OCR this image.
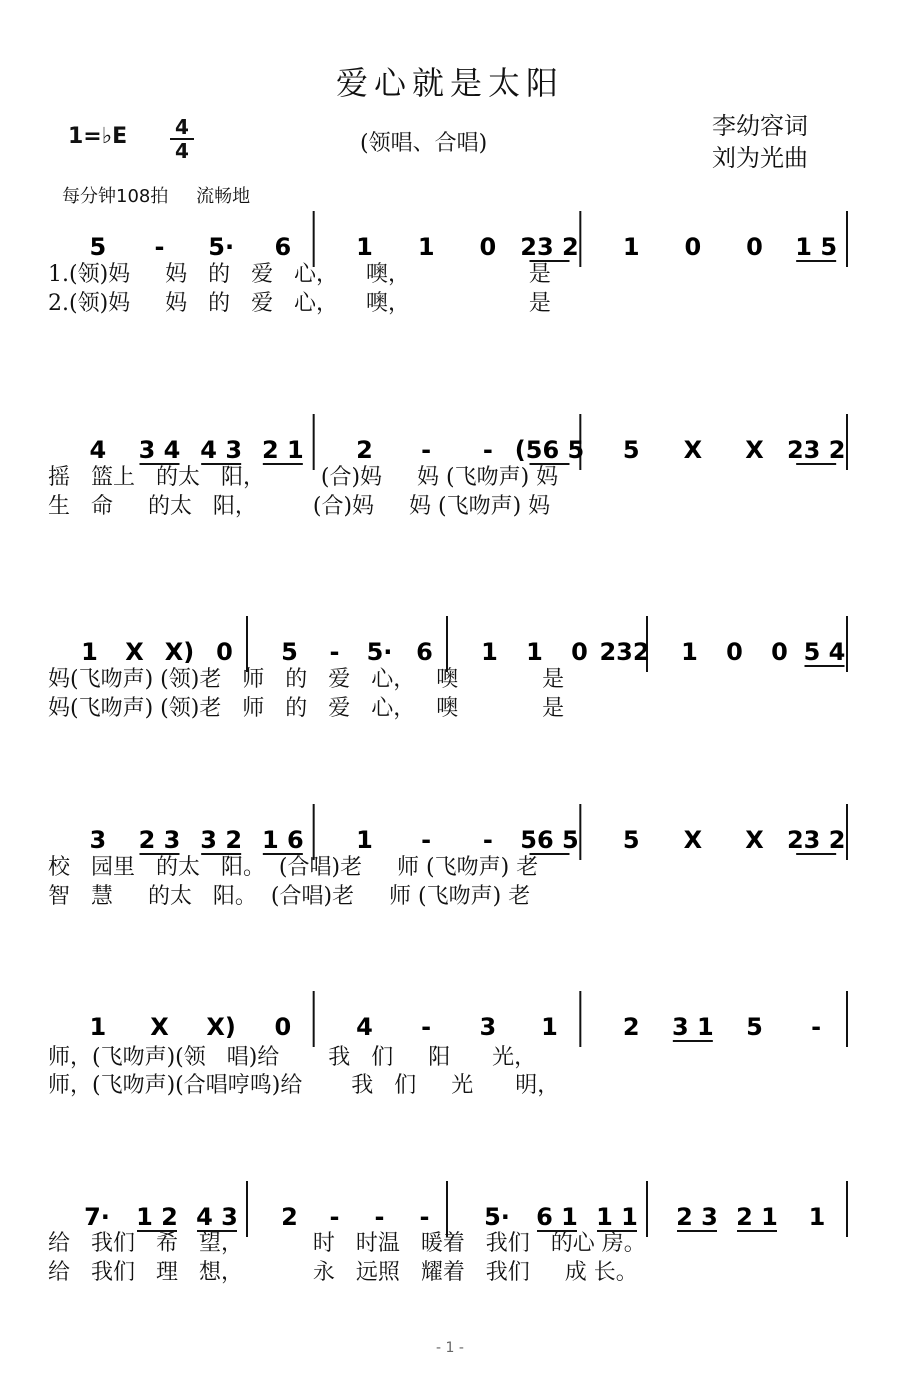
爱心就是太阳
1=♭E 4
4	(领唱、合唱)
李幼容词
刘为光曲
每分钟108拍 流畅地
5 - 5· 6	1 1 0 23 2 1 0 0 1 5
4 3 4 4 3 2 1 2 - - (56 5 5 X X 23 2
1 X X) 0 5 - 5· 6 1 1 0 232 1 0 0 5 4
3 2 3 3 2 1 6 1 - - 56 5 5 X X 23 2
1 X X) 0	4 - 3 1	2 3 1 5 -
7· 1 2 4 3 2 - - - 5· 6 1 1 1 2 3 2 1 1
1.(领)妈     妈   的   爱   心，    噢，                 是
2.(领)妈     妈   的   爱   心，    噢，                 是
摇   篮上   的太   阳，        (合)妈     妈 (飞吻声) 妈
生   命     的太   阳，        (合)妈     妈 (飞吻声) 妈
妈(飞吻声) (领)老   师   的   爱   心，   噢            是
妈(飞吻声) (领)老   师   的   爱   心，   噢            是
校   园里   的太   阳。  (合唱)老     师 (飞吻声) 老
智   慧     的太   阳。  (合唱)老     师 (飞吻声) 老
师，(飞吻声)(领   唱)给       我   们     阳      光，
师，(飞吻声)(合唱哼鸣)给       我   们     光      明，
给   我们   希   望，          时   时温   暖着   我们   的心 房。
给   我们   理   想，          永   远照   耀着   我们     成 长。
- 1 -
